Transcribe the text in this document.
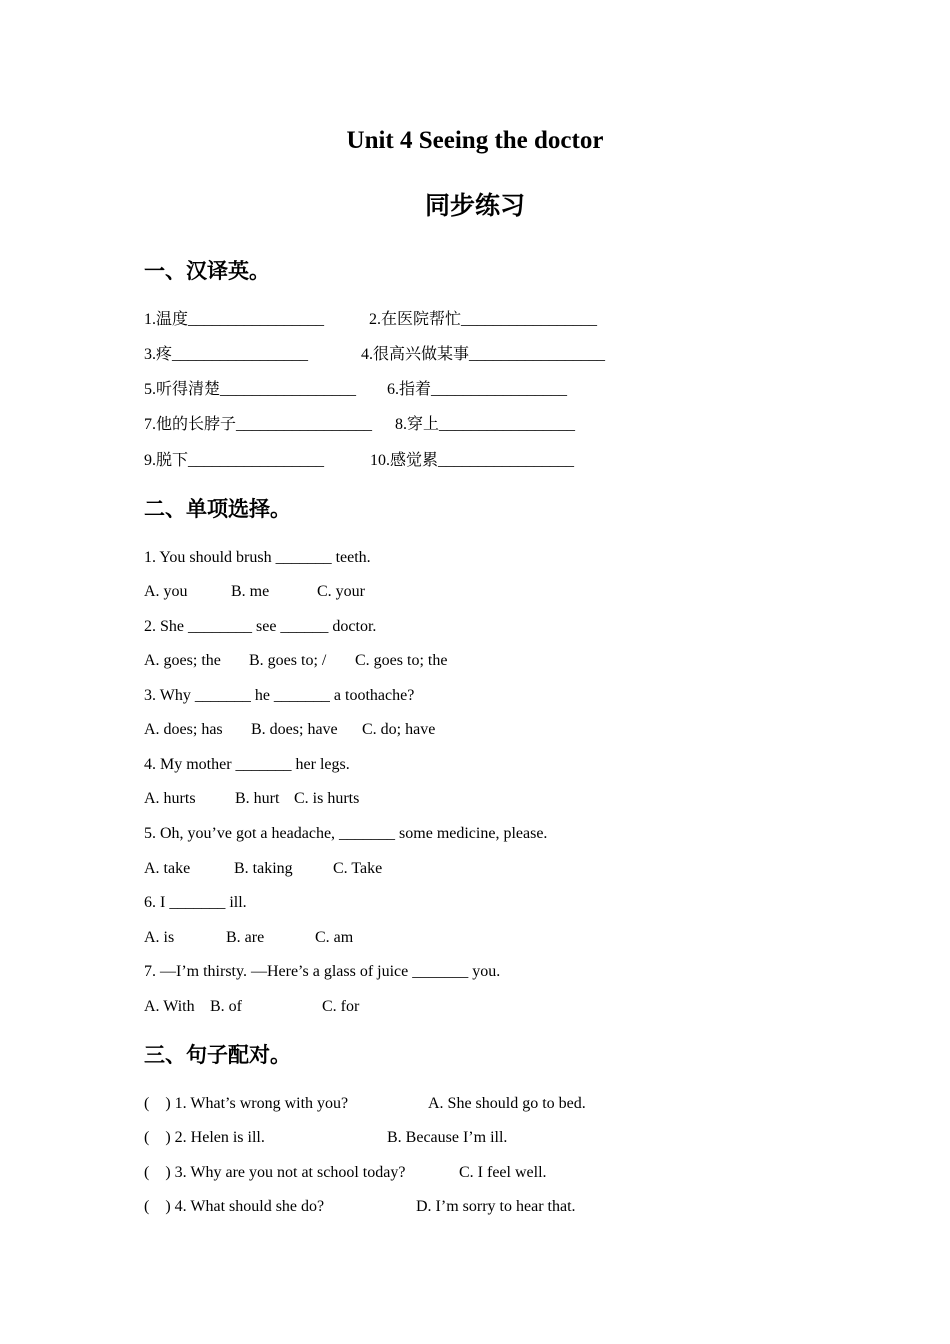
Unit 4 Seeing the doctor
同步练习
一、汉译英。
1.温度_________________	2.在医院帮忙_________________
3.疼_________________	4.很高兴做某事_________________
5.听得清楚_________________ 6.指着_________________
7.他的长脖子_________________ 8.穿上_________________
9.脱下_________________	10.感觉累_________________
二、单项选择。
1. You should brush _______ teeth.
A. you	B. me	C. your
2. She ________ see ______ doctor.
A. goes; the B. goes to; / C. goes to; the
3. Why _______ he _______ a toothache?
A. does; has B. does; have C. do; have
4. My mother _______ her legs.
A. hurts B. hurt C. is hurts
5. Oh, you’ve got a headache, _______ some medicine, please.
A. take	B. taking	C. Take
6. I _______ ill.
A. is	B. are	C. am
7. —I’m thirsty. —Here’s a glass of juice _______ you.
A. With B. of	C. for
三、句子配对。
(    ) 1. What’s wrong with you?	A. She should go to bed.
(    ) 2. Helen is ill.	B. Because I’m ill.
(    ) 3. Why are you not at school today?	C. I feel well.
(    ) 4. What should she do?	D. I’m sorry to hear that.
